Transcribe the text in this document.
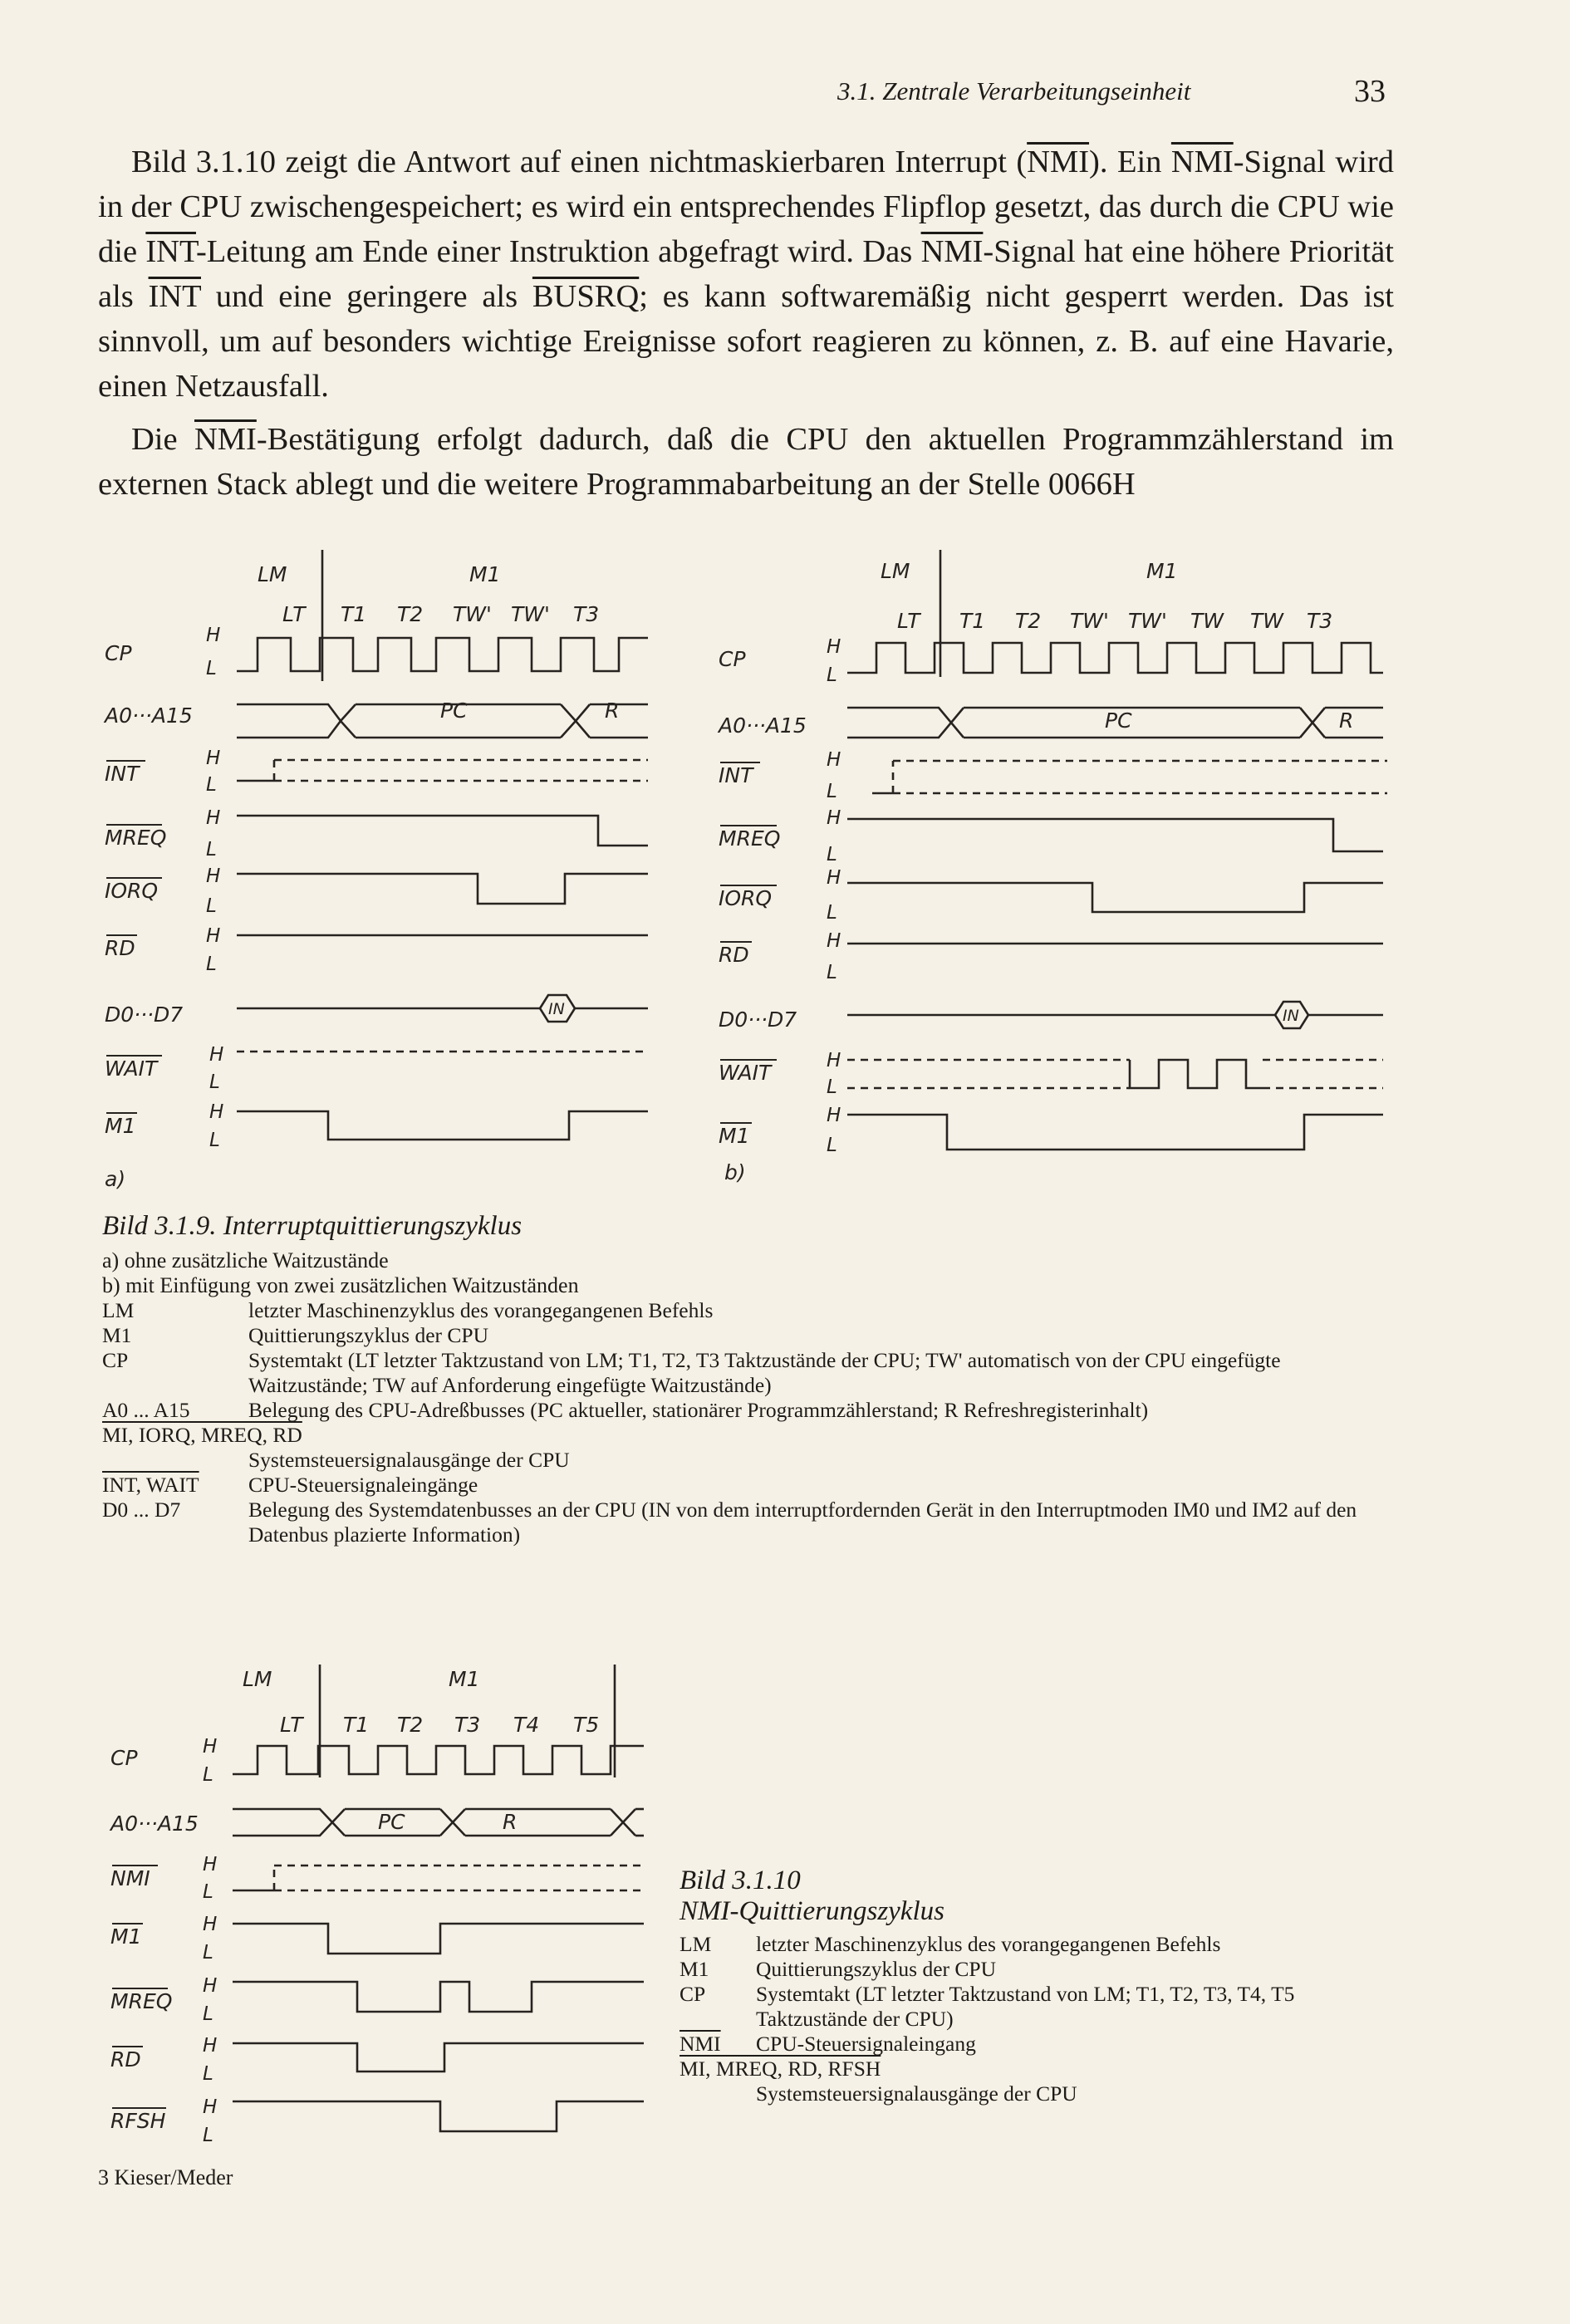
3.1. Zentrale Verarbeitungseinheit	33

Bild 3.1.10 zeigt die Antwort auf einen nichtmaskierbaren Interrupt $(\overline{NMI})$. Ein $\overline{NMI}$-Signal wird in der CPU zwischengespeichert; es wird ein entsprechendes Flipflop gesetzt, das durch die CPU wie die $\overline{INT}$-Leitung am Ende einer Instruktion abgefragt wird. Das $\overline{NMI}$-Signal hat eine höhere Priorität als $\overline{INT}$ und eine geringere als BUSRQ; es kann softwaremäßig nicht gesperrt werden. Das ist sinnvoll, um auf besonders wichtige Ereignisse sofort reagieren zu können, z. B. auf eine Havarie, einen Netzausfall.

Die $\overline{NMI}$-Bestätigung erfolgt dadurch, daß die CPU den aktuellen Programmzählerstand im externen Stack ablegt und die weitere Programmabarbeitung an der Stelle 0066H

LM	M1
LT T1 T2 TW' TW' T3
CP
A0···A15
INT
MREQ
IORQ
RD
D0···D7
WAIT
M1
H
L
H
L
H
L
H
L
H
L
H
L
H
L
PC	R
IN
a)
LM	M1
LT T1 T2 TW' TW' TW TW T3
CP
A0···A15
INT
MREQ
IORQ
RD
D0···D7
WAIT
M1
H
L
H
L
H
L
H
L
H
L
H
L
H
L
PC	R
IN
b)
Bild 3.1.9. Interruptquittierungszyklus
a) ohne zusätzliche Waitzustände
b) mit Einfügung von zwei zusätzlichen Waitzuständen
LM	letzter Maschinenzyklus des vorangegangenen Befehls
M1	Quittierungszyklus der CPU
CP	Systemtakt (LT letzter Taktzustand von LM; T1, T2, T3 Taktzustände der CPU; TW' automatisch von der CPU eingefügte Waitzustände; TW auf Anforderung eingefügte Waitzustände)
A0 ... A15	Belegung des CPU-Adreßbusses (PC aktueller, stationärer Programmzählerstand; R Refreshregisterinhalt)
MI, IORQ, MREQ, RD
Systemsteuersignalausgänge der CPU
INT, WAIT	CPU-Steuersignaleingänge
D0 ... D7	Belegung des Systemdatenbusses an der CPU (IN von dem interruptfordernden Gerät in den Interruptmoden IM0 und IM2 auf den Datenbus plazierte Information)
LM	M1
LT T1 T2 T3 T4 T5
CP
A0···A15
NMI
M1
MREQ
RD
RFSH
H
L
H
L
H
L
H
L
H
L
H
L
PC	R
Bild 3.1.10
NMI-Quittierungszyklus
LM	letzter Maschinenzyklus des vorangegangenen Befehls
M1	Quittierungszyklus der CPU
CP	Systemtakt (LT letzter Taktzustand von LM; T1, T2, T3, T4, T5 Taktzustände der CPU)
$\overline{NMI}$	CPU-Steuersignaleingang
MI, MREQ, RD, RFSH
Systemsteuersignalausgänge der CPU
3 Kieser/Meder
